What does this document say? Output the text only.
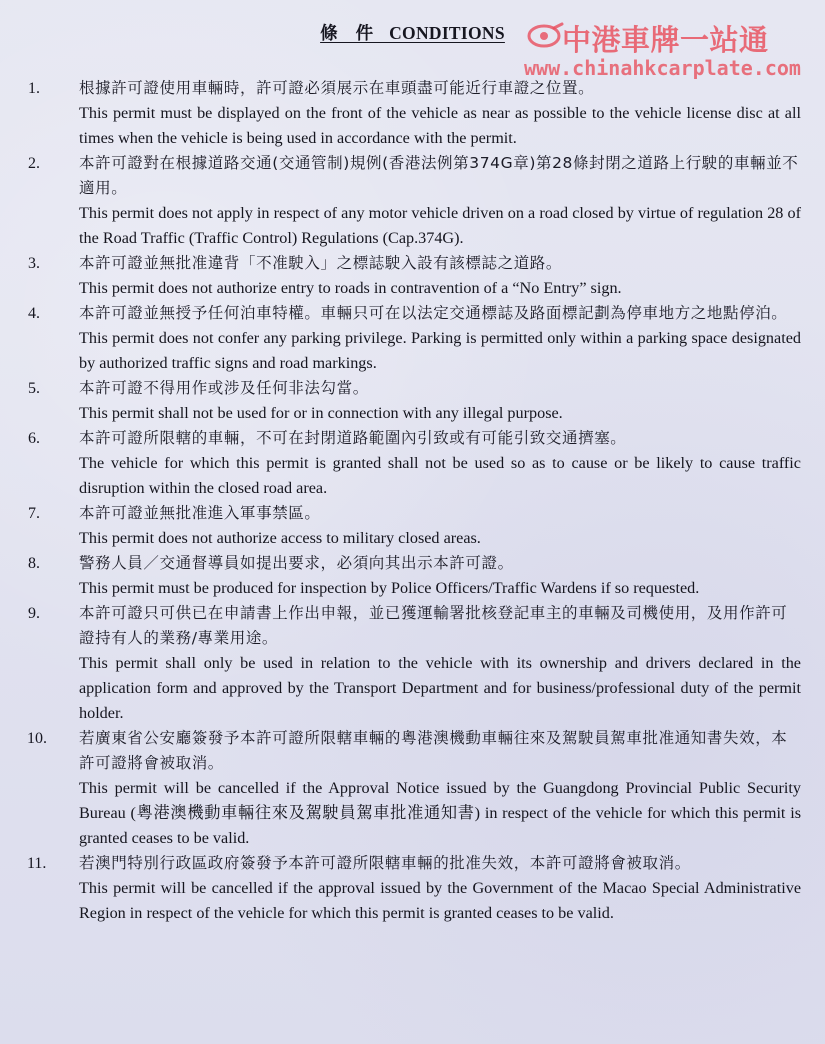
條件CONDITIONS	中港車牌一站通
www.chinahkcarplate.com
1.	根據許可證使用車輛時，許可證必須展示在車頭盡可能近行車證之位置。
This permit must be displayed on the front of the vehicle as near as possible to the vehicle license disc at all times when the vehicle is being used in accordance with the permit.
2.	本許可證對在根據道路交通(交通管制)規例(香港法例第374G章)第28條封閉之道路上行駛的車輛並不適用。
This permit does not apply in respect of any motor vehicle driven on a road closed by virtue of regulation 28 of the Road Traffic (Traffic Control) Regulations (Cap.374G).
3.	本許可證並無批准違背「不准駛入」之標誌駛入設有該標誌之道路。
This permit does not authorize entry to roads in contravention of a “No Entry” sign.
4.	本許可證並無授予任何泊車特權。車輛只可在以法定交通標誌及路面標記劃為停車地方之地點停泊。
This permit does not confer any parking privilege. Parking is permitted only within a parking space designated by authorized traffic signs and road markings.
5.	本許可證不得用作或涉及任何非法勾當。
This permit shall not be used for or in connection with any illegal purpose.
6.	本許可證所限轄的車輛，不可在封閉道路範圍內引致或有可能引致交通擠塞。
The vehicle for which this permit is granted shall not be used so as to cause or be likely to cause traffic disruption within the closed road area.
7.	本許可證並無批准進入軍事禁區。
This permit does not authorize access to military closed areas.
8.	警務人員／交通督導員如提出要求，必須向其出示本許可證。
This permit must be produced for inspection by Police Officers/Traffic Wardens if so requested.
9.	本許可證只可供已在申請書上作出申報，並已獲運輸署批核登記車主的車輛及司機使用，及用作許可證持有人的業務/專業用途。
This permit shall only be used in relation to the vehicle with its ownership and drivers declared in the application form and approved by the Transport Department and for business/professional duty of the permit holder.
10. 若廣東省公安廳簽發予本許可證所限轄車輛的粵港澳機動車輛往來及駕駛員駕車批准通知書失效，本許可證將會被取消。
This permit will be cancelled if the Approval Notice issued by the Guangdong Provincial Public Security Bureau (粵港澳機動車輛往來及駕駛員駕車批准通知書) in respect of the vehicle for which this permit is granted ceases to be valid.
11. 若澳門特別行政區政府簽發予本許可證所限轄車輛的批准失效，本許可證將會被取消。
This permit will be cancelled if the approval issued by the Government of the Macao Special Administrative Region in respect of the vehicle for which this permit is granted ceases to be valid.
